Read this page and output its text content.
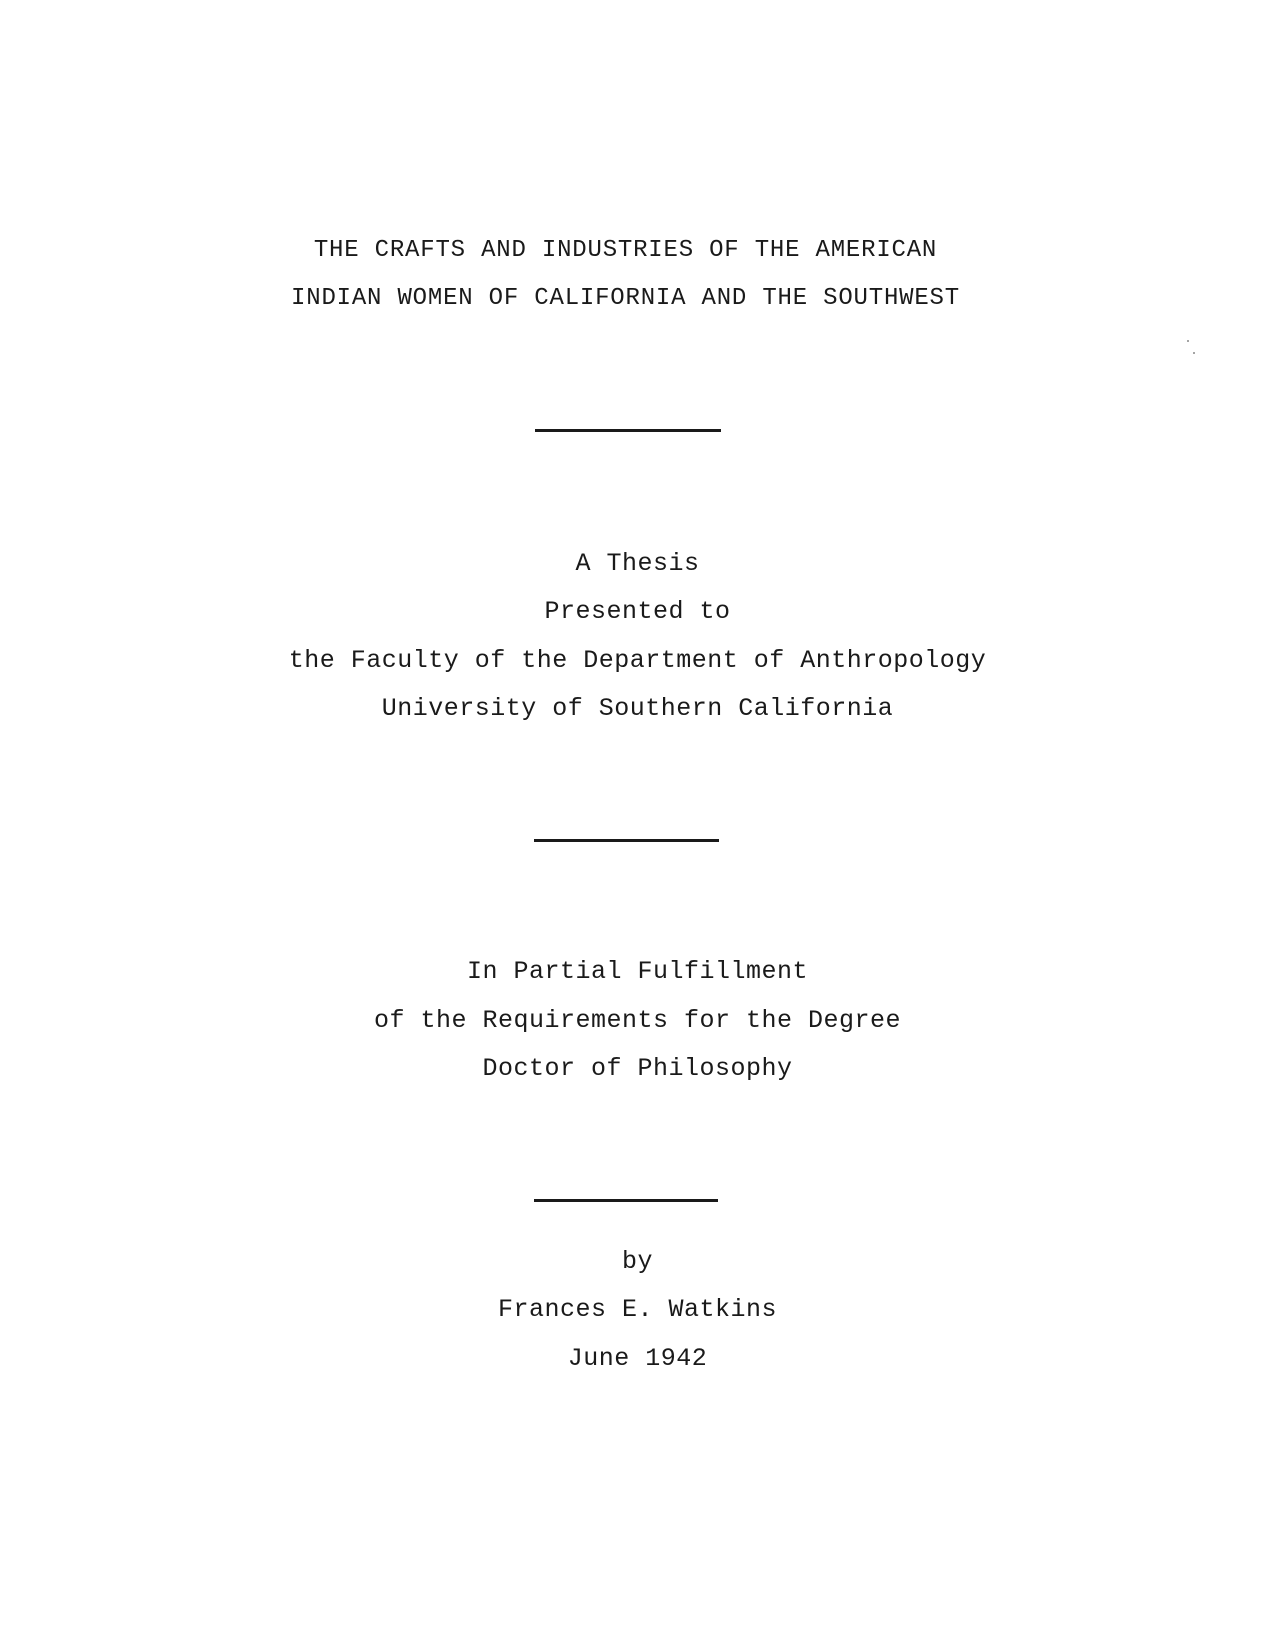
THE CRAFTS AND INDUSTRIES OF THE AMERICAN
INDIAN WOMEN OF CALIFORNIA AND THE SOUTHWEST
A Thesis
Presented to
the Faculty of the Department of Anthropology
University of Southern California
In Partial Fulfillment
of the Requirements for the Degree
Doctor of Philosophy
by
Frances E. Watkins
June 1942
